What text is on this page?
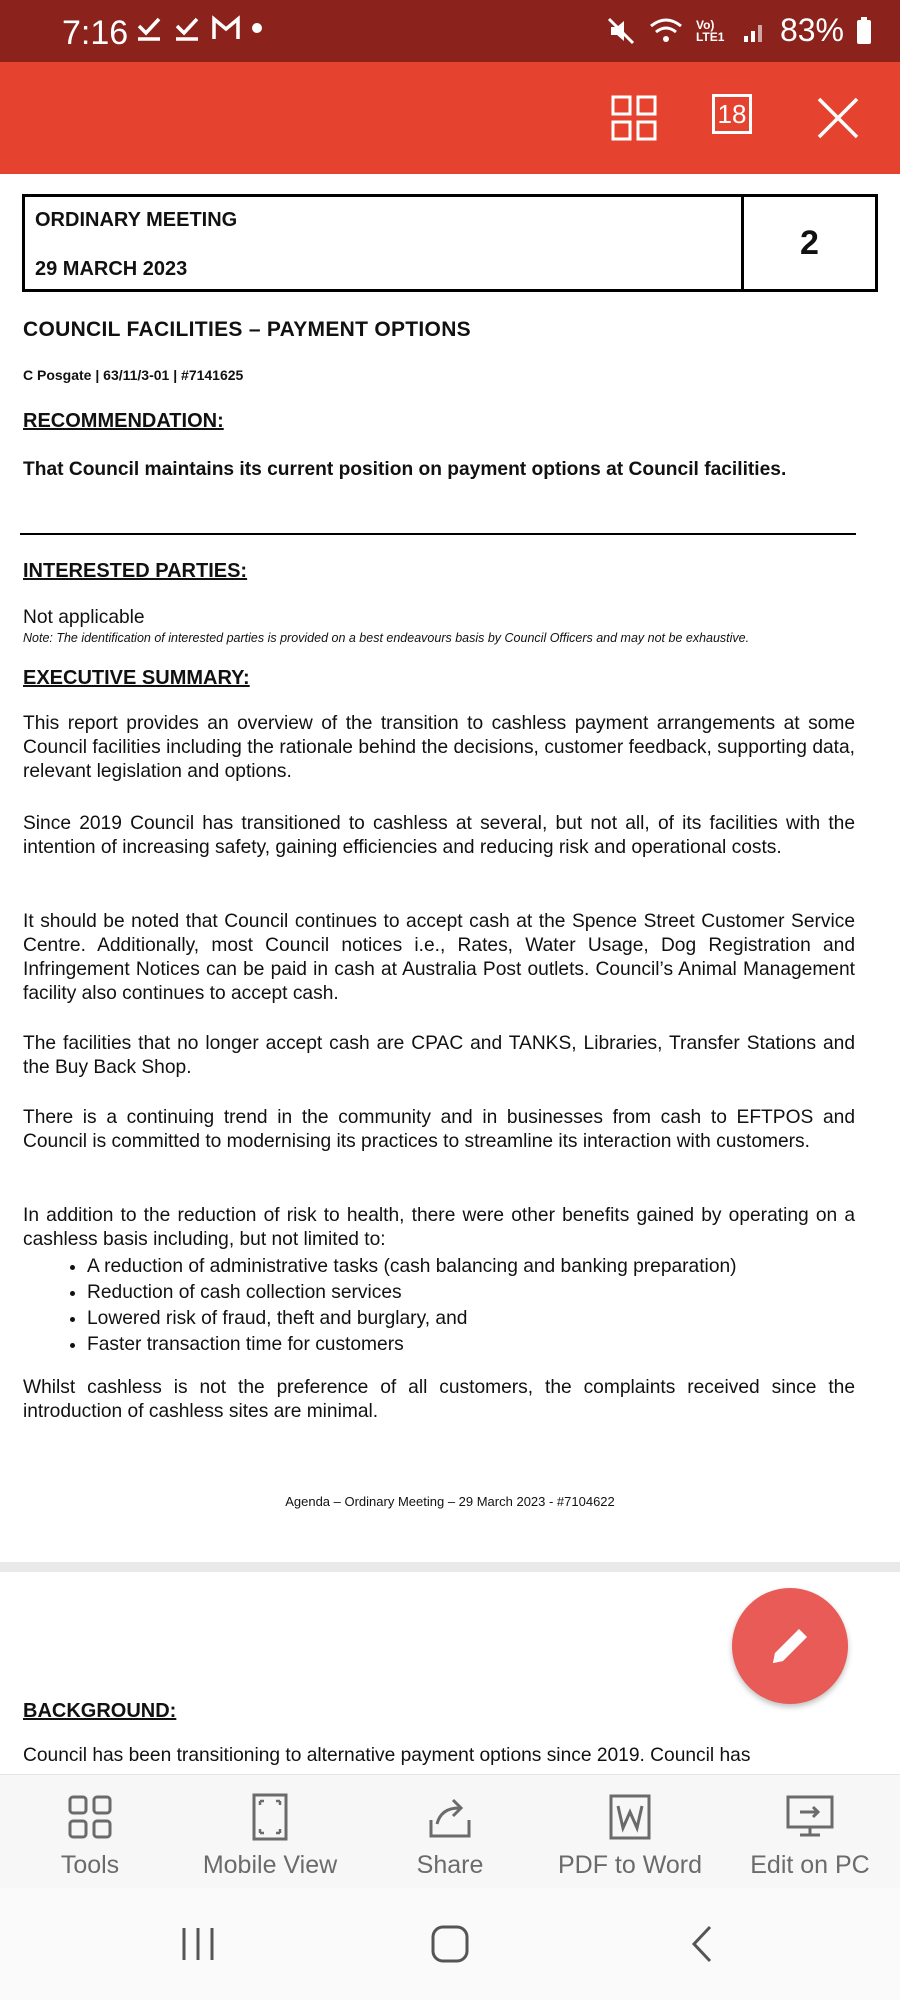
7:16	Vo) LTE1 83%
18
ORDINARY MEETING
29 MARCH 2023
2
COUNCIL FACILITIES – PAYMENT OPTIONS
C Posgate | 63/11/3-01 | #7141625
RECOMMENDATION:
That Council maintains its current position on payment options at Council facilities.
INTERESTED PARTIES:
Not applicable
Note: The identification of interested parties is provided on a best endeavours basis by Council Officers and may not be exhaustive.
EXECUTIVE SUMMARY:
This report provides an overview of the transition to cashless payment arrangements at some Council facilities including the rationale behind the decisions, customer feedback, supporting data, relevant legislation and options.
Since 2019 Council has transitioned to cashless at several, but not all, of its facilities with the intention of increasing safety, gaining efficiencies and reducing risk and operational costs.
It should be noted that Council continues to accept cash at the Spence Street Customer Service Centre. Additionally, most Council notices i.e., Rates, Water Usage, Dog Registration and Infringement Notices can be paid in cash at Australia Post outlets. Council’s Animal Management facility also continues to accept cash.
The facilities that no longer accept cash are CPAC and TANKS, Libraries, Transfer Stations and the Buy Back Shop.
There is a continuing trend in the community and in businesses from cash to EFTPOS and Council is committed to modernising its practices to streamline its interaction with customers.
In addition to the reduction of risk to health, there were other benefits gained by operating on a cashless basis including, but not limited to:
• A reduction of administrative tasks (cash balancing and banking preparation)
• Reduction of cash collection services
• Lowered risk of fraud, theft and burglary, and
• Faster transaction time for customers
Whilst cashless is not the preference of all customers, the complaints received since the introduction of cashless sites are minimal.
Agenda – Ordinary Meeting – 29 March 2023 - #7104622
BACKGROUND:
Council has been transitioning to alternative payment options since 2019. Council has
Tools	Mobile View	Share	PDF to Word Edit on PC
